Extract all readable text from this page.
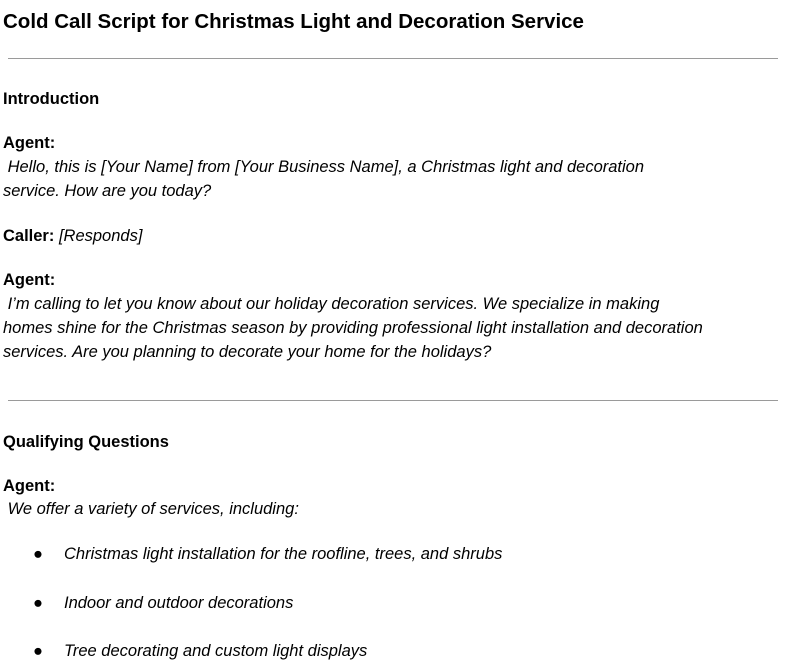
Cold Call Script for Christmas Light and Decoration Service
Introduction
Agent:
Hello, this is [Your Name] from [Your Business Name], a Christmas light and decoration
service. How are you today?
Caller: [Responds]
Agent:
I’m calling to let you know about our holiday decoration services. We specialize in making
homes shine for the Christmas season by providing professional light installation and decoration
services. Are you planning to decorate your home for the holidays?
Qualifying Questions
Agent:
We offer a variety of services, including:
● Christmas light installation for the roofline, trees, and shrubs
● Indoor and outdoor decorations
● Tree decorating and custom light displays
